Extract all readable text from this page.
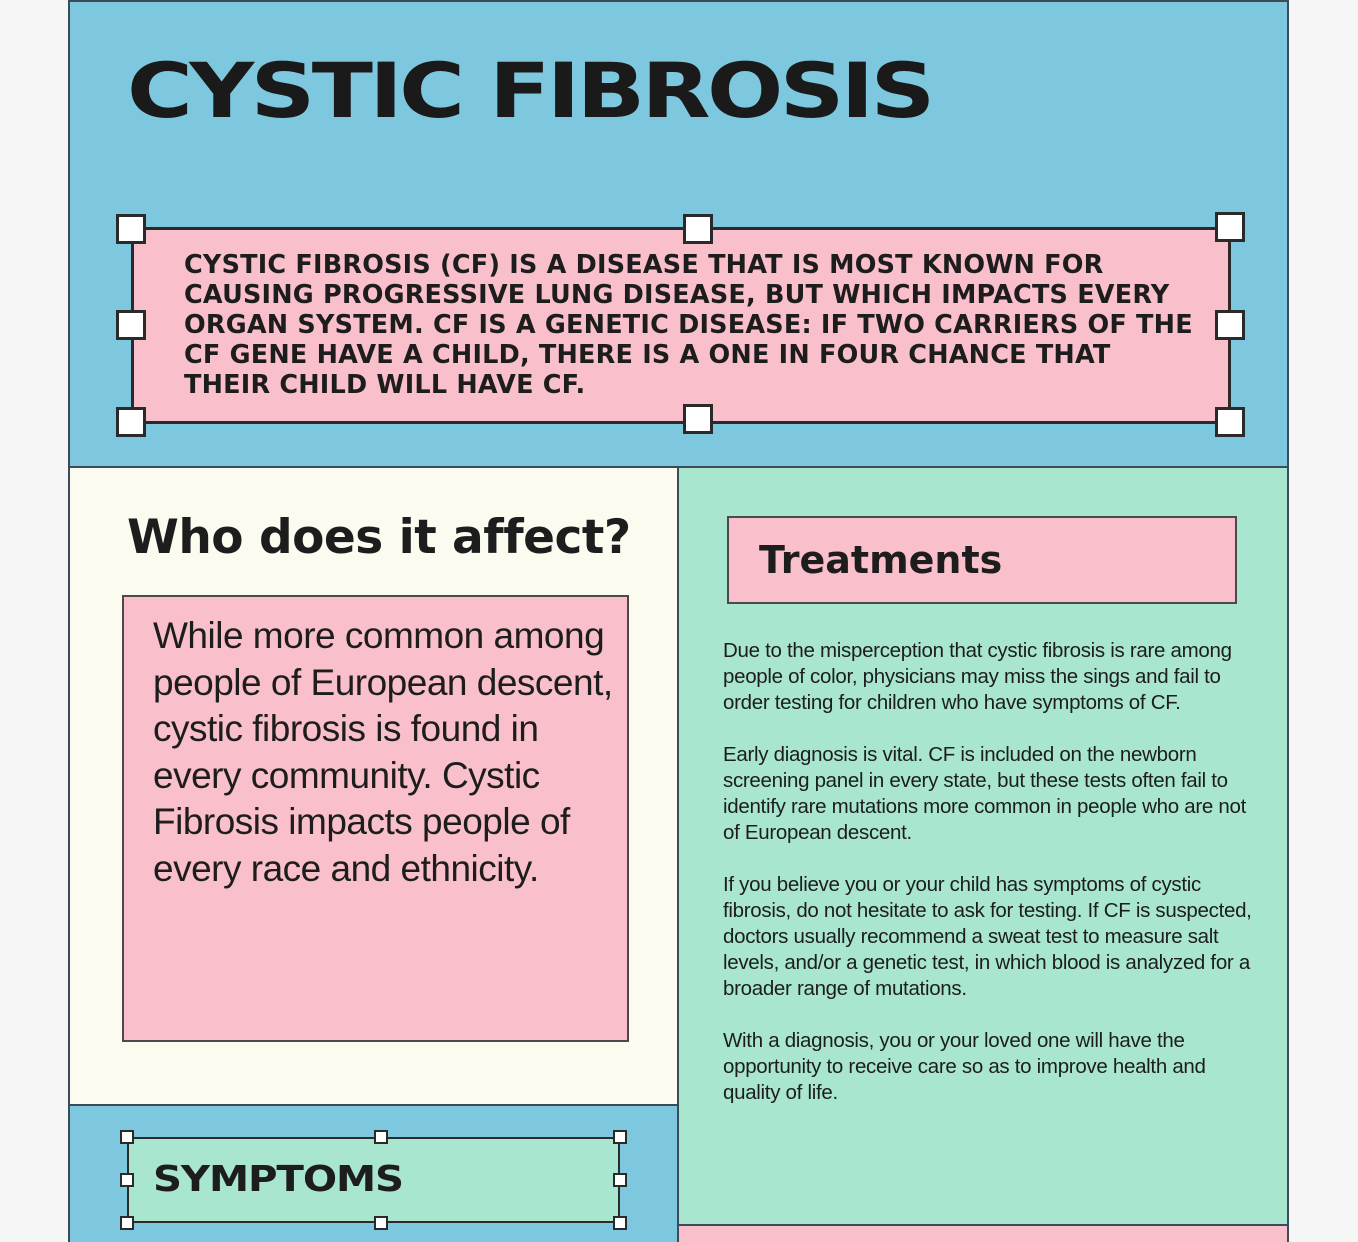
CYSTIC FIBROSIS

CYSTIC FIBROSIS (CF) IS A DISEASE THAT IS MOST KNOWN FOR CAUSING PROGRESSIVE LUNG DISEASE, BUT WHICH IMPACTS EVERY ORGAN SYSTEM. CF IS A GENETIC DISEASE: IF TWO CARRIERS OF THE CF GENE HAVE A CHILD, THERE IS A ONE IN FOUR CHANCE THAT THEIR CHILD WILL HAVE CF.

Who does it affect?

While more common among people of European descent, cystic fibrosis is found in every community. Cystic Fibrosis impacts people of every race and ethnicity.

SYMPTOMS
Treatments

Due to the misperception that cystic fibrosis is rare among people of color, physicians may miss the sings and fail to order testing for children who have symptoms of CF.

Early diagnosis is vital. CF is included on the newborn screening panel in every state, but these tests often fail to identify rare mutations more common in people who are not of European descent.

If you believe you or your child has symptoms of cystic fibrosis, do not hesitate to ask for testing. If CF is suspected, doctors usually recommend a sweat test to measure salt levels, and/or a genetic test, in which blood is analyzed for a broader range of mutations.

With a diagnosis, you or your loved one will have the opportunity to receive care so as to improve health and quality of life.
